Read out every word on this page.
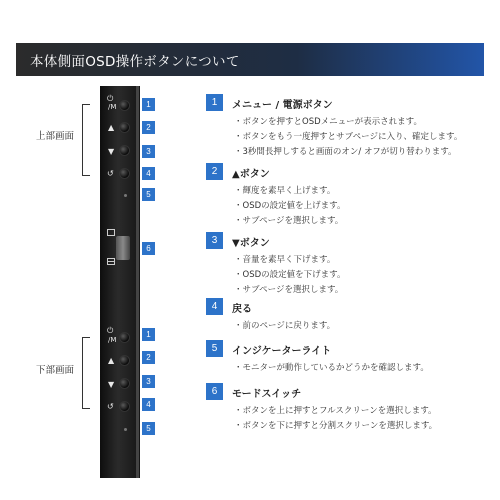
本体側面OSD操作ボタンについて
⏻
/M
▲
▼
↺
⏻
/M
▲
▼
↺
上部画面
下部画面
1
2
3
4
5
6
1
2
3
4
5
1	メニュー / 電源ボタン
・ボタンを押すとOSDメニューが表示されます。
・ボタンをもう一度押すとサブページに入り、確定します。
・3秒間長押しすると画面のオン/ オフが切り替わります。
2	▲ボタン
・輝度を素早く上げます。
・OSDの設定値を上げます。
・サブページを選択します。
3	▼ボタン
・音量を素早く下げます。
・OSDの設定値を下げます。
・サブページを選択します。
4	戻る
・前のページに戻ります。
5	インジケーターライト
・モニターが動作しているかどうかを確認します。
6	モードスイッチ
・ボタンを上に押すとフルスクリーンを選択します。
・ボタンを下に押すと分割スクリーンを選択します。
